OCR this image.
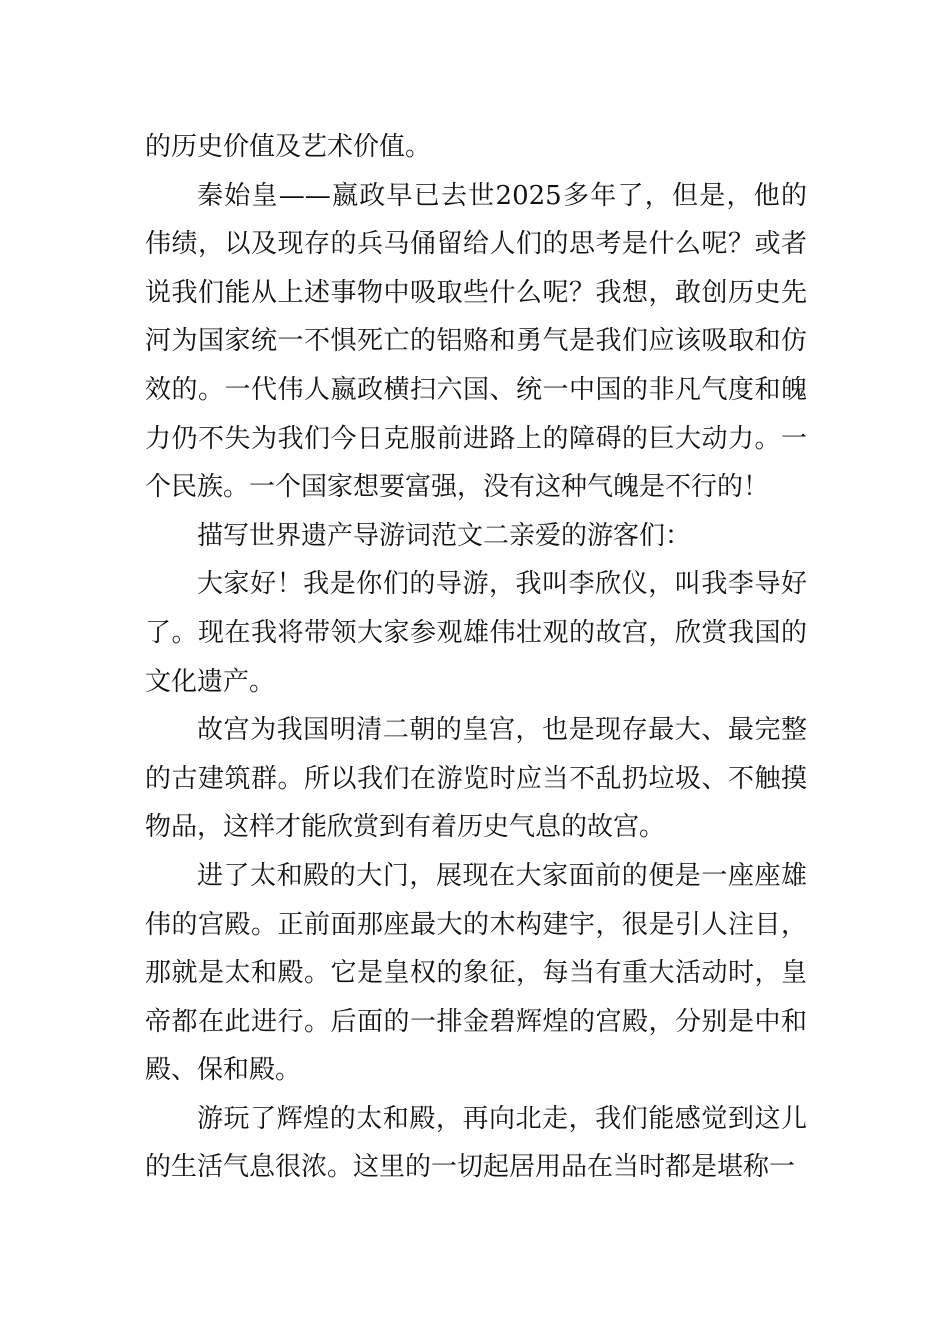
的历史价值及艺术价值。

秦始皇——嬴政早已去世2025多年了，但是，他的伟绩，以及现存的兵马俑留给人们的思考是什么呢？或者说我们能从上述事物中吸取些什么呢？我想，敢创历史先河为国家统一不惧死亡的铝赂和勇气是我们应该吸取和仿效的。一代伟人嬴政横扫六国、统一中国的非凡气度和魄力仍不失为我们今日克服前进路上的障碍的巨大动力。一个民族。一个国家想要富强，没有这种气魄是不行的！

描写世界遗产导游词范文二亲爱的游客们：

大家好！我是你们的导游，我叫李欣仪，叫我李导好了。现在我将带领大家参观雄伟壮观的故宫，欣赏我国的文化遗产。

故宫为我国明清二朝的皇宫，也是现存最大、最完整的古建筑群。所以我们在游览时应当不乱扔垃圾、不触摸物品，这样才能欣赏到有着历史气息的故宫。

进了太和殿的大门，展现在大家面前的便是一座座雄伟的宫殿。正前面那座最大的木构建宇，很是引人注目，那就是太和殿。它是皇权的象征，每当有重大活动时，皇帝都在此进行。后面的一排金碧辉煌的宫殿，分别是中和殿、保和殿。

游玩了辉煌的太和殿，再向北走，我们能感觉到这儿的生活气息很浓。这里的一切起居用品在当时都是堪称一
